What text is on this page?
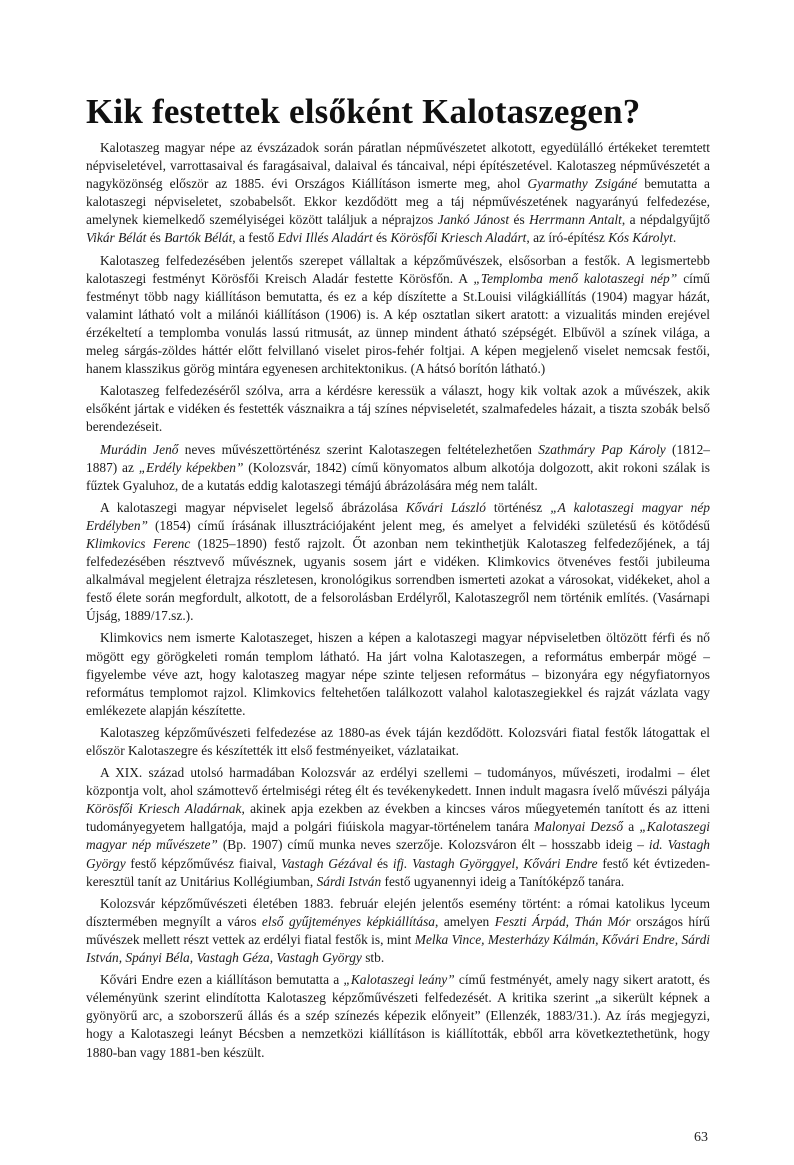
Kik festettek elsőként Kalotaszegen?

Kalotaszeg magyar népe az évszázadok során páratlan népművészetet alkotott, egyedülálló értékeket teremtett népviseletével, varrottasaival és faragásaival, dalaival és táncaival, népi építészetével. Kalotaszeg népművészetét a nagyközönség először az 1885. évi Országos Kiállításon ismerte meg, ahol Gyarmathy Zsigáné bemutatta a kalotaszegi népviseletet, szobabelsőt. Ekkor kezdődött meg a táj népművészetének nagyarányú felfedezése, amelynek kiemelkedő személyiségei között találjuk a néprajzos Jankó Jánost és Herrmann Antalt, a népdalgyűjtő Vikár Bélát és Bartók Bélát, a festő Edvi Illés Aladárt és Körösfői Kriesch Aladárt, az író-építész Kós Károlyt.

Kalotaszeg felfedezésében jelentős szerepet vállaltak a képzőművészek, elsősorban a festők. A legismertebb kalotaszegi festményt Körösfői Kreisch Aladár festette Körösfőn. A „Templomba menő kalotaszegi nép” című festményt több nagy kiállításon bemutatta, és ez a kép díszítette a St.Louisi világkiállítás (1904) magyar házát, valamint látható volt a milánói kiállításon (1906) is. A kép osztatlan sikert aratott: a vizualitás minden erejével érzékeltetí a templomba vonulás lassú ritmusát, az ünnep mindent átható szépségét. Elbűvöl a színek világa, a meleg sárgás-zöldes háttér előtt felvillanó viselet piros-fehér foltjai. A képen megjelenő viselet nemcsak festői, hanem klasszikus görög mintára egyenesen architektonikus. (A hátsó borítón látható.)

Kalotaszeg felfedezéséről szólva, arra a kérdésre keressük a választ, hogy kik voltak azok a művészek, akik elsőként jártak e vidéken és festették vásznaikra a táj színes népviseletét, szalmafedeles házait, a tiszta szobák belső berendezéseit.

Murádin Jenő neves művészettörténész szerint Kalotaszegen feltételezhetően Szathmáry Pap Károly (1812–1887) az „Erdély képekben” (Kolozsvár, 1842) című könyomatos album alkotója dolgozott, akit rokoni szálak is fűztek Gyaluhoz, de a kutatás eddig kalotaszegi témájú ábrázolására még nem talált.

A kalotaszegi magyar népviselet legelső ábrázolása Kővári László történész „A kalotaszegi magyar nép Erdélyben” (1854) című írásának illusztrációjaként jelent meg, és amelyet a felvidéki születésű és kötődésű Klimkovics Ferenc (1825–1890) festő rajzolt. Őt azonban nem tekinthetjük Kalotaszeg felfedezőjének, a táj felfedezésében résztvevő művésznek, ugyanis sosem járt e vidéken. Klimkovics ötvenéves festői jubileuma alkalmával megjelent életrajza részletesen, kronológikus sorrendben ismerteti azokat a városokat, vidékeket, ahol a festő élete során megfordult, alkotott, de a felsorolásban Erdélyről, Kalotaszegről nem történik említés. (Vasárnapi Újság, 1889/17.sz.).

Klimkovics nem ismerte Kalotaszeget, hiszen a képen a kalotaszegi magyar népviseletben öltözött férfi és nő mögött egy görögkeleti román templom látható. Ha járt volna Kalotaszegen, a református emberpár mögé – figyelembe véve azt, hogy kalotaszeg magyar népe szinte teljesen református – bizonyára egy négyfiatornyos református templomot rajzol. Klimkovics feltehetően találkozott valahol kalotaszegiekkel és rajzát vázlata vagy emlékezete alapján készítette.

Kalotaszeg képzőművészeti felfedezése az 1880-as évek táján kezdődött. Kolozsvári fiatal festők látogattak el először Kalotaszegre és készítették itt első festményeiket, vázlataikat.

A XIX. század utolsó harmadában Kolozsvár az erdélyi szellemi – tudományos, művészeti, irodalmi – élet központja volt, ahol számottevő értelmiségi réteg élt és tevékenykedett. Innen indult magasra ívelő művészi pályája Körösfői Kriesch Aladárnak, akinek apja ezekben az években a kincses város műegyetemén tanított és az itteni tudományegyetem hallgatója, majd a polgári fiúiskola magyar-történelem tanára Malonyai Dezső a „Kalotaszegi magyar nép művészete” (Bp. 1907) című munka neves szerzője. Kolozsváron élt – hosszabb ideig – id. Vastagh György festő képzőművész fiaival, Vastagh Gézával és ifj. Vastagh Györggyel, Kővári Endre festő két évtizeden-keresztül tanít az Unitárius Kollégiumban, Sárdi István festő ugyanennyi ideig a Tanítóképző tanára.

Kolozsvár képzőművészeti életében 1883. február elején jelentős esemény történt: a római katolikus lyceum dísztermében megnyílt a város első gyűjteményes képkiállítása, amelyen Feszti Árpád, Thán Mór országos hírű művészek mellett részt vettek az erdélyi fiatal festők is, mint Melka Vince, Mesterházy Kálmán, Kővári Endre, Sárdi István, Spányi Béla, Vastagh Géza, Vastagh György stb.

Kővári Endre ezen a kiállításon bemutatta a „Kalotaszegi leány” című festményét, amely nagy sikert aratott, és véleményünk szerint elindította Kalotaszeg képzőművészeti felfedezését. A kritika szerint „a sikerült képnek a gyönyörű arc, a szoborszerű állás és a szép színezés képezik előnyeit” (Ellenzék, 1883/31.). Az írás megjegyzi, hogy a Kalotaszegi leányt Bécsben a nemzetközi kiállításon is kiállították, ebből arra következtethetünk, hogy 1880-ban vagy 1881-ben készült.

63
